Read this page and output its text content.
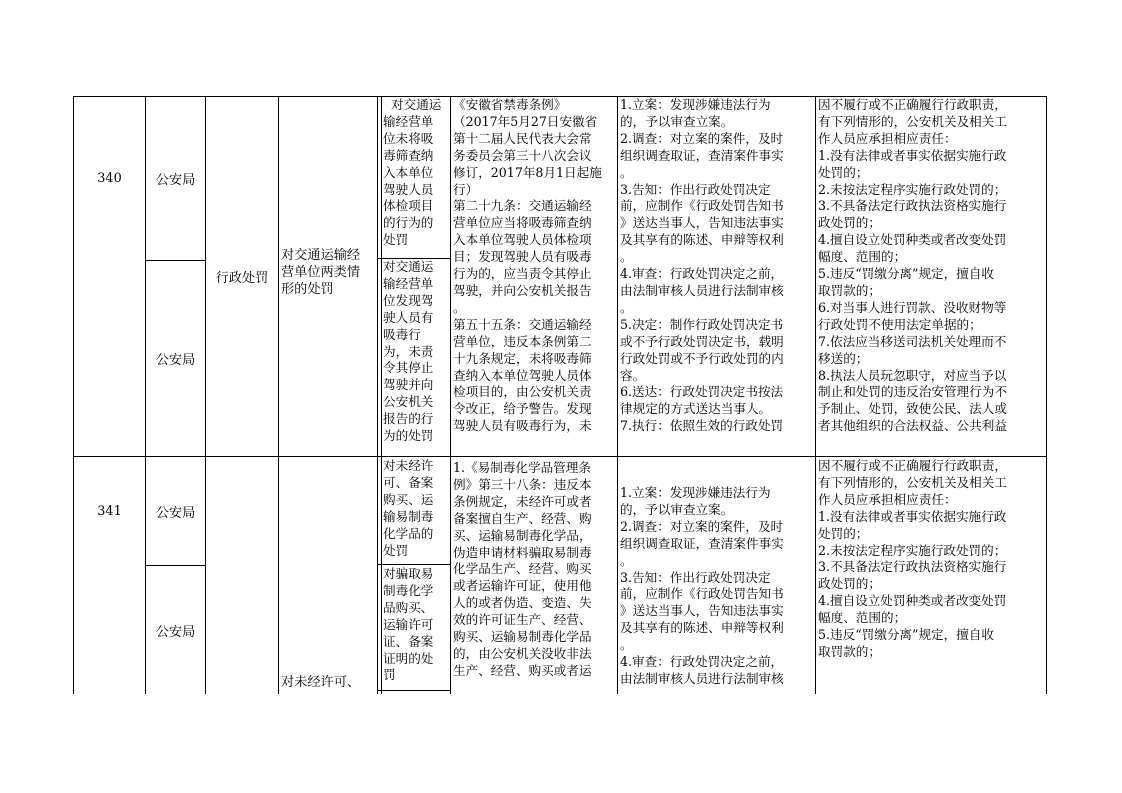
340	公安局
公安局
行政处罚
对交通运输经
营单位两类情
形的处罚
对交通运
输经营单
位未将吸
毒筛查纳
入本单位
驾驶人员
体检项目
的行为的
处罚
对交通运
输经营单
位发现驾
驶人员有
吸毒行
为，未责
令其停止
驾驶并向
公安机关
报告的行
为的处罚
《安徽省禁毒条例》
（2017年5月27日安徽省
第十二届人民代表大会常
务委员会第三十八次会议
修订，2017年8月1日起施
行）
第二十九条：交通运输经
营单位应当将吸毒筛查纳
入本单位驾驶人员体检项
目；发现驾驶人员有吸毒
行为的，应当责令其停止
驾驶，并向公安机关报告
。
第五十五条：交通运输经
营单位，违反本条例第二
十九条规定，未将吸毒筛
查纳入本单位驾驶人员体
检项目的，由公安机关责
令改正，给予警告。发现
驾驶人员有吸毒行为，未
1.立案：发现涉嫌违法行为
的，予以审查立案。
2.调查：对立案的案件，及时
组织调查取证，查清案件事实
。
3.告知：作出行政处罚决定
前，应制作《行政处罚告知书
》送达当事人，告知违法事实
及其享有的陈述、申辩等权利
。
4.审查：行政处罚决定之前，
由法制审核人员进行法制审核
。
5.决定：制作行政处罚决定书
或不予行政处罚决定书，载明
行政处罚或不予行政处罚的内
容。
6.送达：行政处罚决定书按法
律规定的方式送达当事人。
7.执行：依照生效的行政处罚
因不履行或不正确履行行政职责，
有下列情形的，公安机关及相关工
作人员应承担相应责任：
1.没有法律或者事实依据实施行政
处罚的；
2.未按法定程序实施行政处罚的；
3.不具备法定行政执法资格实施行
政处罚的；
4.擅自设立处罚种类或者改变处罚
幅度、范围的；
5.违反“罚缴分离”规定，擅自收
取罚款的；
6.对当事人进行罚款、没收财物等
行政处罚不使用法定单据的；
7.依法应当移送司法机关处理而不
移送的；
8.执法人员玩忽职守，对应当予以
制止和处罚的违反治安管理行为不
予制止、处罚，致使公民、法人或
者其他组织的合法权益、公共利益
341	公安局
公安局
对未经许可、
对未经许
可、备案
购买、运
输易制毒
化学品的
处罚
对骗取易
制毒化学
品购买、
运输许可
证、备案
证明的处
罚
1.《易制毒化学品管理条
例》第三十八条：违反本
条例规定，未经许可或者
备案擅自生产、经营、购
买、运输易制毒化学品，
伪造申请材料骗取易制毒
化学品生产、经营、购买
或者运输许可证，使用他
人的或者伪造、变造、失
效的许可证生产、经营、
购买、运输易制毒化学品
的，由公安机关没收非法
生产、经营、购买或者运
1.立案：发现涉嫌违法行为
的，予以审查立案。
2.调查：对立案的案件，及时
组织调查取证，查清案件事实
。
3.告知：作出行政处罚决定
前，应制作《行政处罚告知书
》送达当事人，告知违法事实
及其享有的陈述、申辩等权利
。
4.审查：行政处罚决定之前，
由法制审核人员进行法制审核
因不履行或不正确履行行政职责，
有下列情形的，公安机关及相关工
作人员应承担相应责任：
1.没有法律或者事实依据实施行政
处罚的；
2.未按法定程序实施行政处罚的；
3.不具备法定行政执法资格实施行
政处罚的；
4.擅自设立处罚种类或者改变处罚
幅度、范围的；
5.违反“罚缴分离”规定，擅自收
取罚款的；
